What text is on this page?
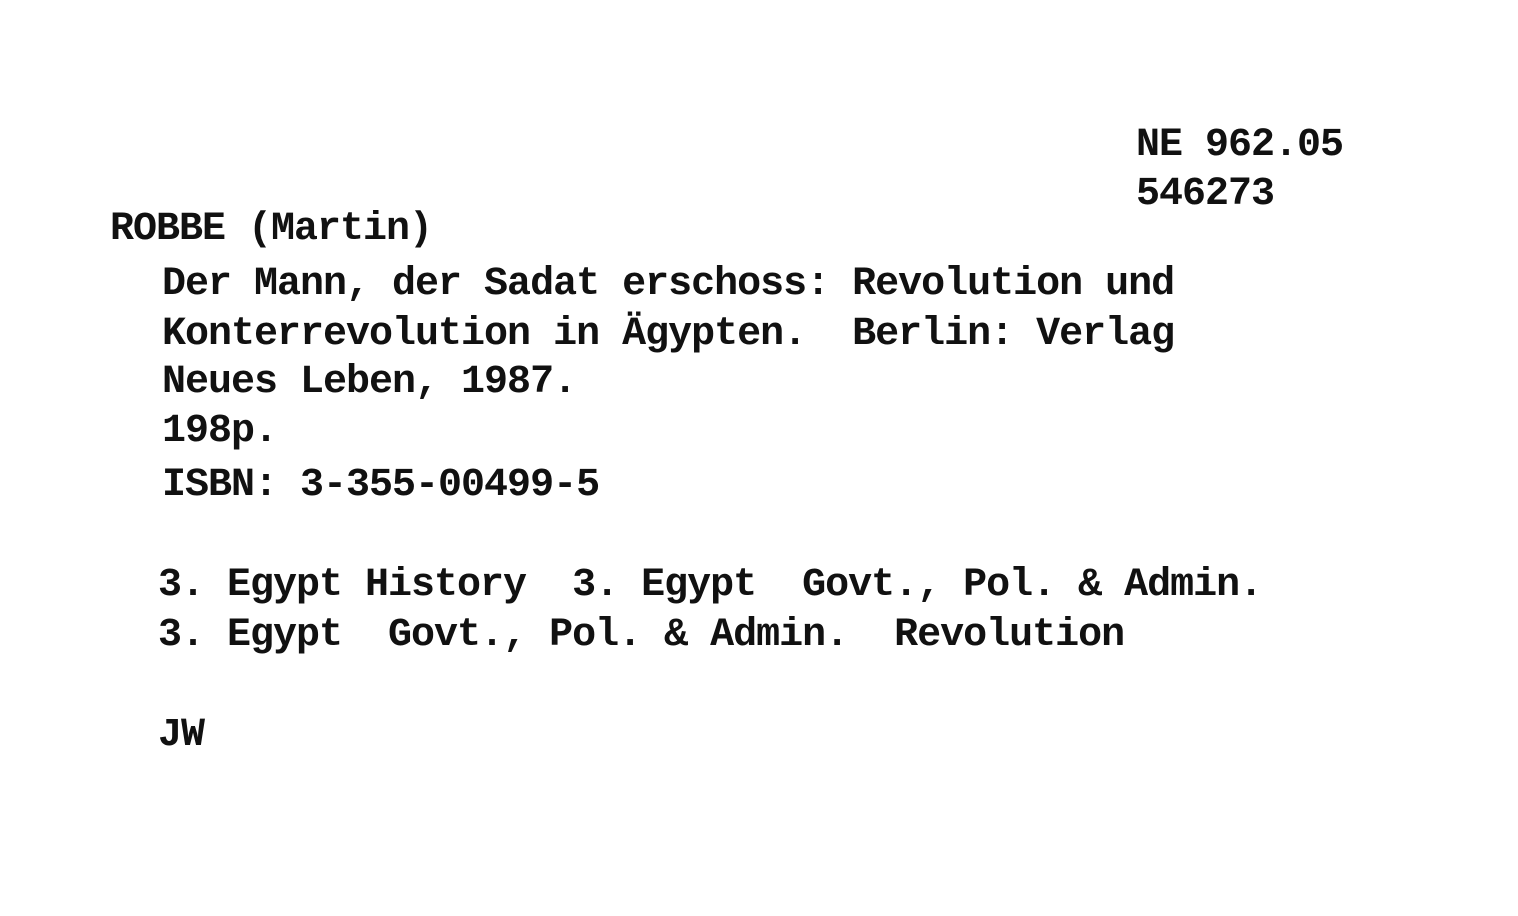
NE 962.05
546273
ROBBE (Martin)
Der Mann, der Sadat erschoss: Revolution und
Konterrevolution in Ägypten.  Berlin: Verlag
Neues Leben, 1987.
198p.
ISBN: 3-355-00499-5
3. Egypt History  3. Egypt  Govt., Pol. & Admin.
3. Egypt  Govt., Pol. & Admin.  Revolution
JW
